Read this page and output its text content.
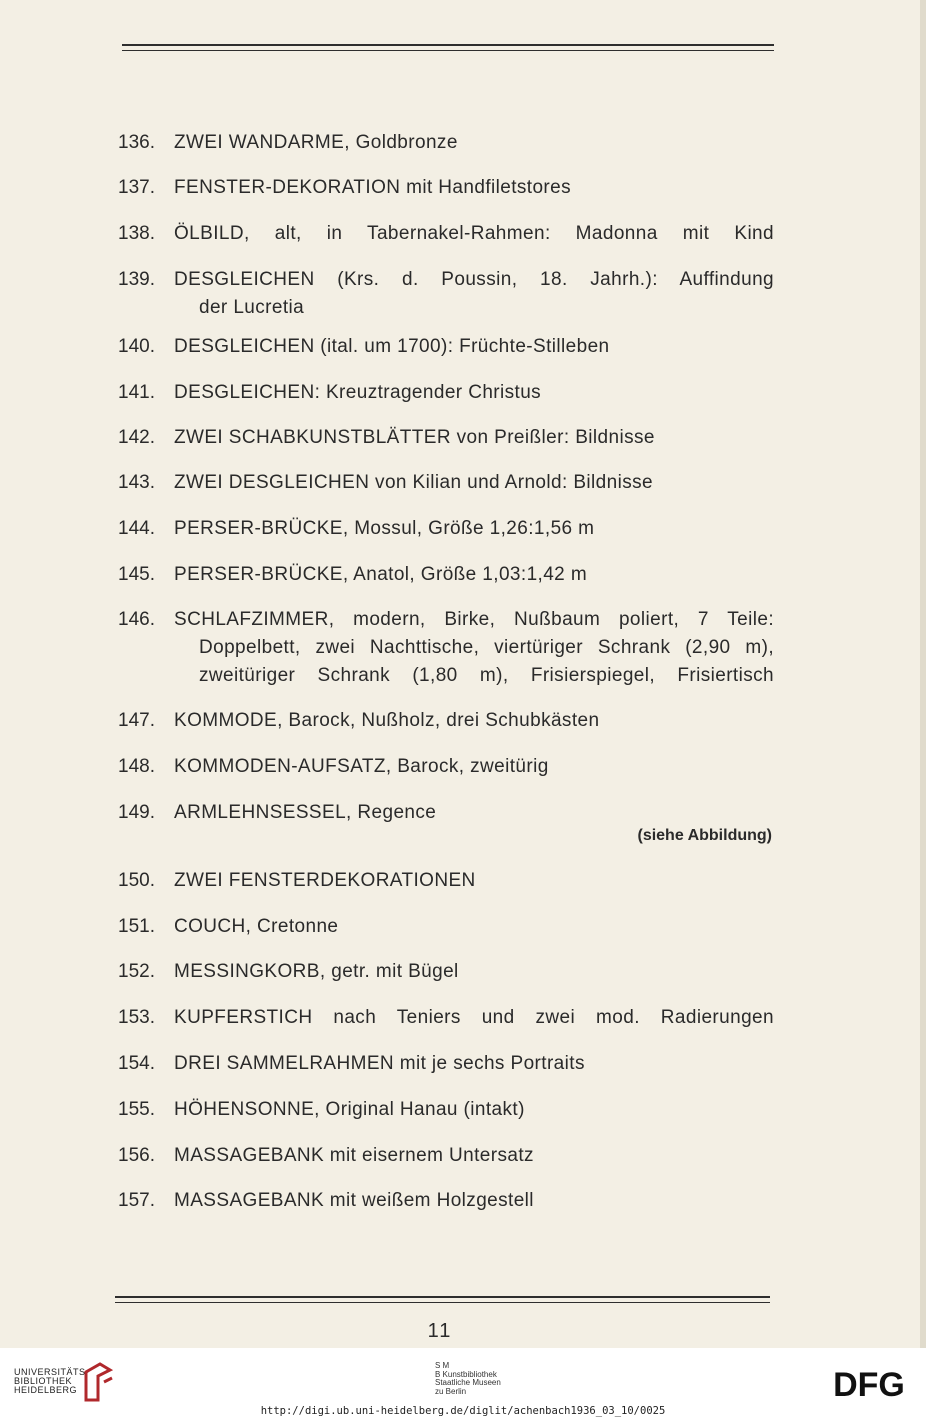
136.	ZWEI WANDARME, Goldbronze
137.	FENSTER-DEKORATION mit Handfiletstores
138.	ÖLBILD, alt, in Tabernakel-Rahmen: Madonna mit Kind
139.	DESGLEICHEN (Krs. d. Poussin, 18. Jahrh.): Auffindung
der Lucretia
140.	DESGLEICHEN (ital. um 1700): Früchte-Stilleben
141.	DESGLEICHEN: Kreuztragender Christus
142.	ZWEI SCHABKUNSTBLÄTTER von Preißler: Bildnisse
143.	ZWEI DESGLEICHEN von Kilian und Arnold: Bildnisse
144.	PERSER-BRÜCKE, Mossul, Größe 1,26:1,56 m
145.	PERSER-BRÜCKE, Anatol, Größe 1,03:1,42 m
146.	SCHLAFZIMMER, modern, Birke, Nußbaum poliert, 7 Teile:
Doppelbett, zwei Nachttische, viertüriger Schrank (2,90 m),
zweitüriger Schrank (1,80 m), Frisierspiegel, Frisiertisch
147.	KOMMODE, Barock, Nußholz, drei Schubkästen
148.	KOMMODEN-AUFSATZ, Barock, zweitürig
149.	ARMLEHNSESSEL, Regence
(siehe Abbildung)
150.	ZWEI FENSTERDEKORATIONEN
151.	COUCH, Cretonne
152.	MESSINGKORB, getr. mit Bügel
153.	KUPFERSTICH nach Teniers und zwei mod. Radierungen
154.	DREI SAMMELRAHMEN mit je sechs Portraits
155.	HÖHENSONNE, Original Hanau (intakt)
156.	MASSAGEBANK mit eisernem Untersatz
157.	MASSAGEBANK mit weißem Holzgestell
11
UNIVERSITÄTS-
BIBLIOTHEK
HEIDELBERG
S M
B Kunstbibliothek
Staatliche Museen
zu Berlin
http://digi.ub.uni-heidelberg.de/diglit/achenbach1936_03_10/0025
DFG
